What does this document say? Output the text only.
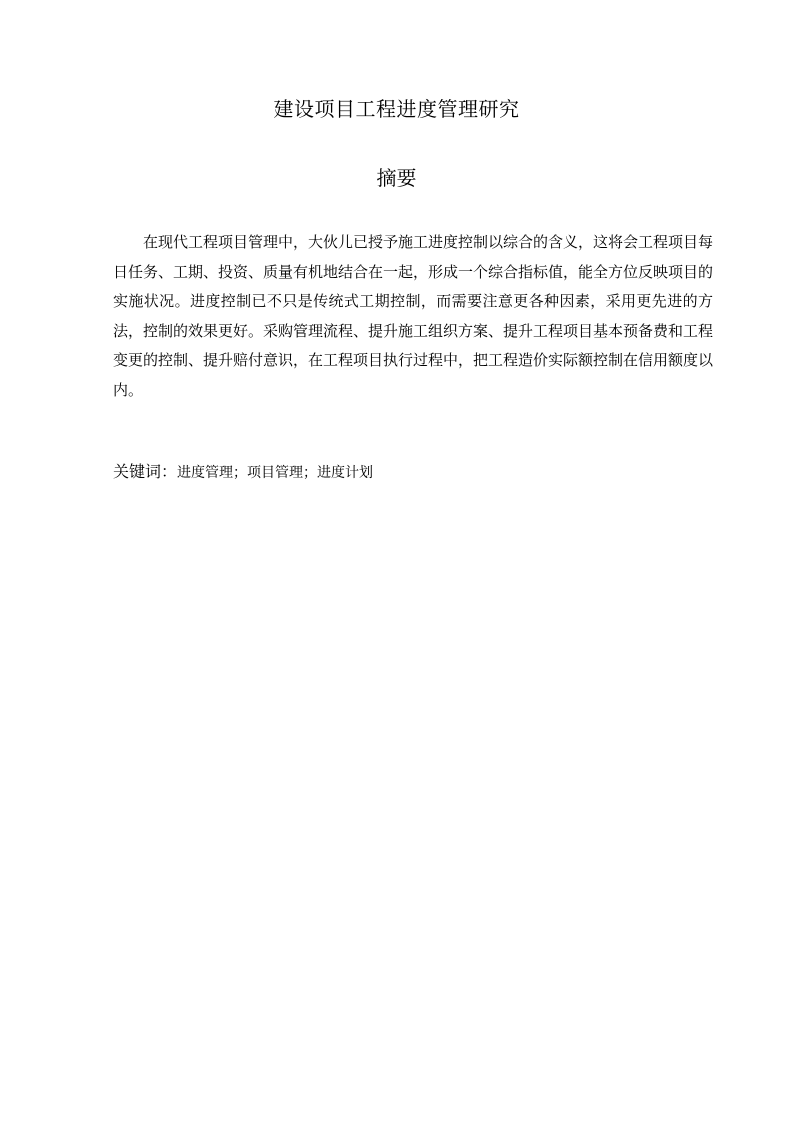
建设项目工程进度管理研究
摘要

在现代工程项目管理中，大伙儿已授予施工进度控制以综合的含义，这将会工程项目每日任务、工期、投资、质量有机地结合在一起，形成一个综合指标值，能全方位反映项目的实施状况。进度控制已不只是传统式工期控制，而需要注意更各种因素，采用更先进的方法，控制的效果更好。采购管理流程、提升施工组织方案、提升工程项目基本预备费和工程变更的控制、提升赔付意识，在工程项目执行过程中，把工程造价实际额控制在信用额度以内。

关键词：进度管理；项目管理；进度计划
